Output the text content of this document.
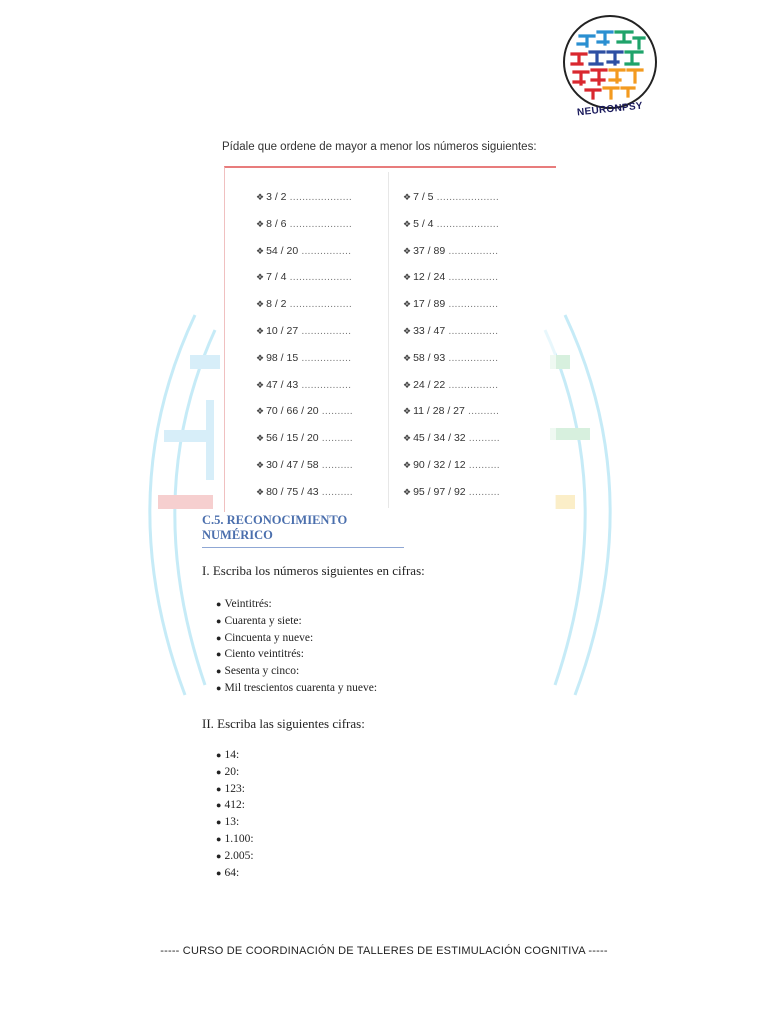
NEURONPSY
Pídale que ordene de mayor a menor los números siguientes:
❖ 3 / 2 ....................
❖ 8 / 6 ....................
❖ 54 / 20 ................
❖ 7 / 4 ....................
❖ 8 / 2 ....................
❖ 10 / 27 ................
❖ 98 / 15 ................
❖ 47 / 43 ................
❖ 70 / 66 / 20 ..........
❖ 56 / 15 / 20 ..........
❖ 30 / 47 / 58 ..........
❖ 80 / 75 / 43 ..........
❖ 7 / 5 ....................
❖ 5 / 4 ....................
❖ 37 / 89 ................
❖ 12 / 24 ................
❖ 17 / 89 ................
❖ 33 / 47 ................
❖ 58 / 93 ................
❖ 24 / 22 ................
❖ 11 / 28 / 27 ..........
❖ 45 / 34 / 32 ..........
❖ 90 / 32 / 12 ..........
❖ 95 / 97 / 92 ..........
C.5. RECONOCIMIENTO NUMÉRICO
I. Escriba los números siguientes en cifras:
● Veintitrés:
● Cuarenta y siete:
● Cincuenta y nueve:
● Ciento veintitrés:
● Sesenta y cinco:
● Mil trescientos cuarenta y nueve:
II. Escriba las siguientes cifras:
● 14:
● 20:
● 123:
● 412:
● 13:
● 1.100:
● 2.005:
● 64:
----- CURSO DE COORDINACIÓN DE TALLERES DE ESTIMULACIÓN COGNITIVA -----
